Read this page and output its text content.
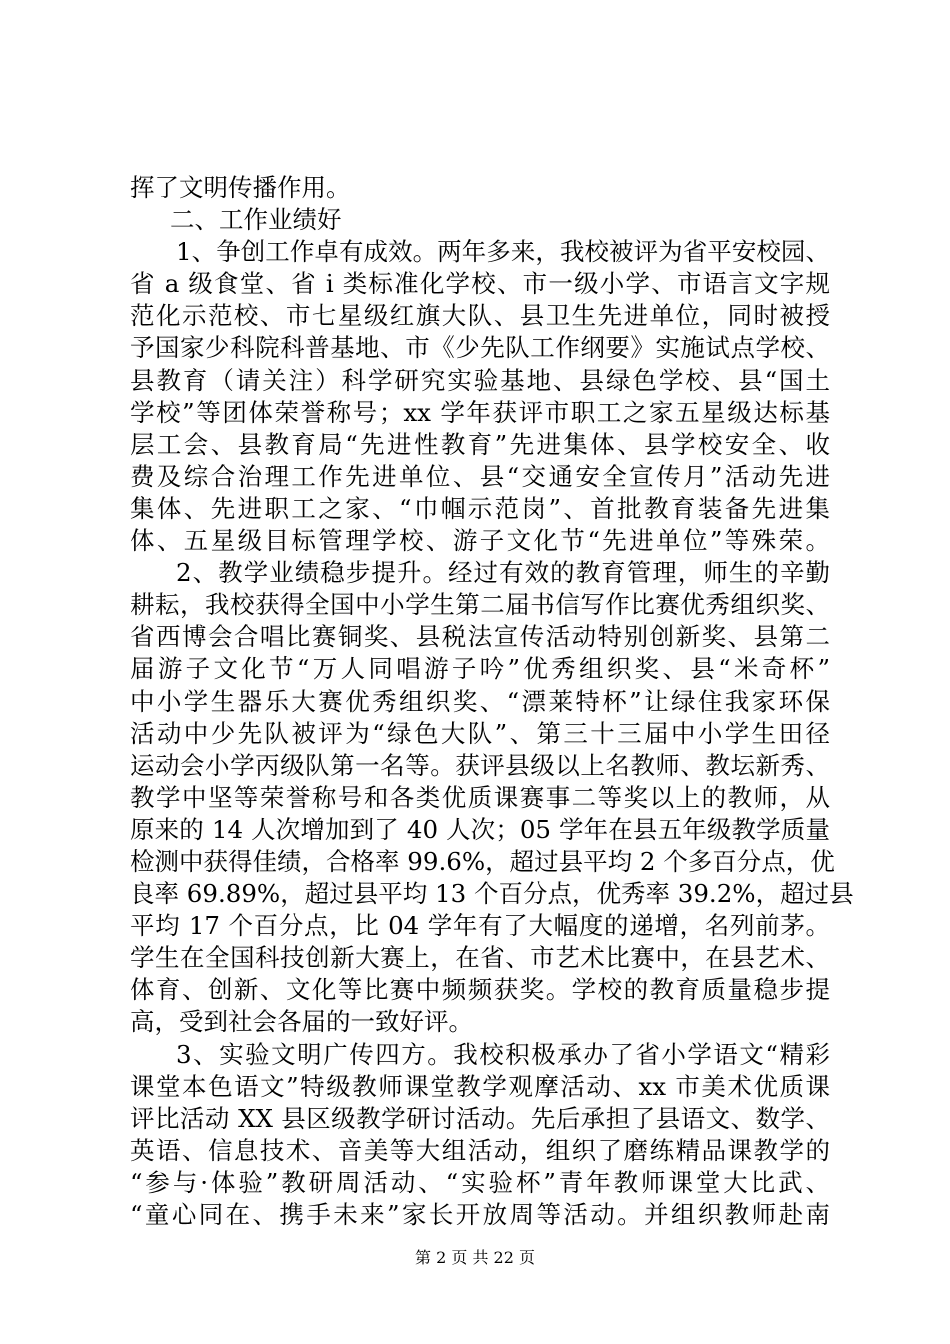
挥了文明传播作用。
二、工作业绩好
1、争创工作卓有成效。两年多来，我校被评为省平安校园、
省 a 级食堂、省 i 类标准化学校、市一级小学、市语言文字规
范化示范校、市七星级红旗大队、县卫生先进单位，同时被授
予国家少科院科普基地、市《少先队工作纲要》实施试点学校、
县教育（请关注）科学研究实验基地、县绿色学校、县“国土
学校”等团体荣誉称号；xx 学年获评市职工之家五星级达标基
层工会、县教育局“先进性教育”先进集体、县学校安全、收
费及综合治理工作先进单位、县“交通安全宣传月”活动先进
集体、先进职工之家、“巾帼示范岗”、首批教育装备先进集
体、五星级目标管理学校、游子文化节“先进单位”等殊荣。
2、教学业绩稳步提升。经过有效的教育管理，师生的辛勤
耕耘，我校获得全国中小学生第二届书信写作比赛优秀组织奖、
省西博会合唱比赛铜奖、县税法宣传活动特别创新奖、县第二
届游子文化节“万人同唱游子吟”优秀组织奖、县“米奇杯”
中小学生器乐大赛优秀组织奖、“漂莱特杯”让绿住我家环保
活动中少先队被评为“绿色大队”、第三十三届中小学生田径
运动会小学丙级队第一名等。获评县级以上名教师、教坛新秀、
教学中坚等荣誉称号和各类优质课赛事二等奖以上的教师，从
原来的 14 人次增加到了 40 人次；05 学年在县五年级教学质量
检测中获得佳绩，合格率 99.6%，超过县平均 2 个多百分点，优
良率 69.89%，超过县平均 13 个百分点，优秀率 39.2%，超过县
平均 17 个百分点，比 04 学年有了大幅度的递增，名列前茅。
学生在全国科技创新大赛上，在省、市艺术比赛中，在县艺术、
体育、创新、文化等比赛中频频获奖。学校的教育质量稳步提
高，受到社会各届的一致好评。
3、实验文明广传四方。我校积极承办了省小学语文“精彩
课堂本色语文”特级教师课堂教学观摩活动、xx 市美术优质课
评比活动 XX 县区级教学研讨活动。先后承担了县语文、数学、
英语、信息技术、音美等大组活动，组织了磨练精品课教学的
“参与·体验”教研周活动、“实验杯”青年教师课堂大比武、
“童心同在、携手未来”家长开放周等活动。并组织教师赴南
第 2 页 共 22 页
